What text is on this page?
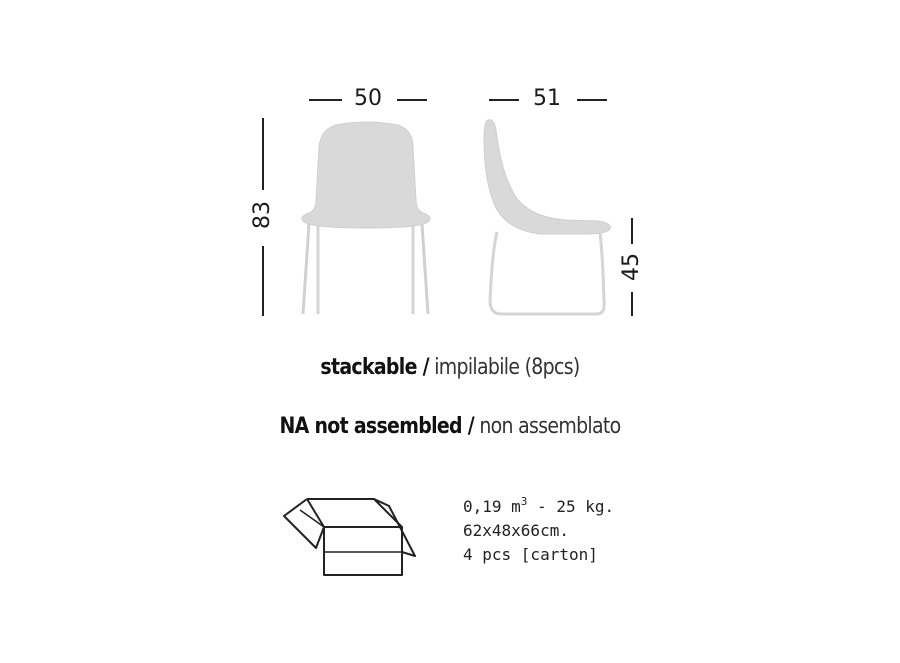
50	51
83
45
stackable / impilabile (8pcs)
NA not assembled / non assemblato
0,19 $m^3 - 25$ kg.
62x48x66cm.
4 pcs [carton]
